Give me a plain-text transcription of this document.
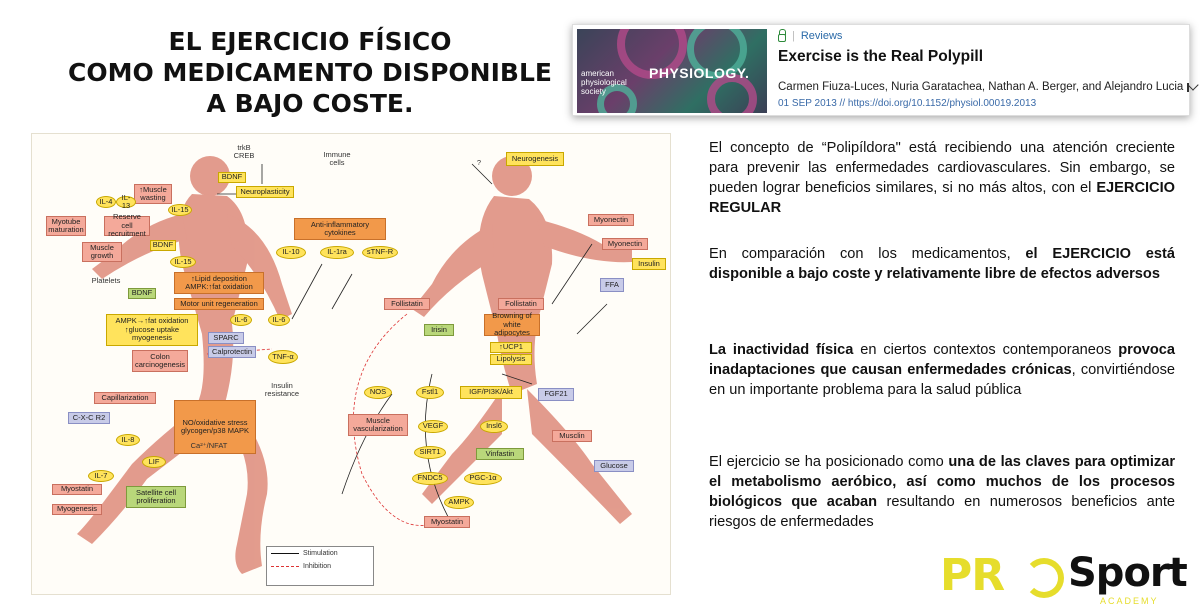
EL EJERCICIO FÍSICO
COMO MEDICAMENTO DISPONIBLE
A BAJO COSTE.
american physiological society
PHYSIOLOGY.
| Reviews
Exercise is the Real Polypill
Carmen Fiuza-Luces, Nuria Garatachea, Nathan A. Berger, and Alejandro Lucia
01 SEP 2013 // https://doi.org/10.1152/physiol.00019.2013
trkB CREB	Immune cells
BDNF
↑Muscle wasting
IL-4	IL-13	IL-15
Neuroplasticity
Myotube maturation
Reserve cell recruitment
Muscle growth
BDNF
IL-15
Anti-inflammatory cytokines
IL-10	IL-1ra	sTNF-R
Platelets	↑Lipid deposition AMPK:↑fat oxidation
BDNF
Motor unit regeneration
AMPK→↑fat oxidation ↑glucose uptake myogenesis
IL-6	IL-6
SPARC
Calprotectin
TNF-α
Colon carcinogenesis
Insulin resistance
Capillarization
C-X-C R2
NO/oxidative stress glycogen/p38 MAPK
IL-8
Ca²⁺/NFAT
LIF
IL-7
Myostatin
Myogenesis
Satellite cell proliferation
?	Neurogenesis
Myonectin
Myonectin
Insulin
Follistatin	Follistatin
FFA
Irisin
Browning of white adipocytes
↑UCP1
Lipolysis
NOS	Fstl1	IGF/PI3K/Akt	FGF21
Muscle vascularization	VEGF	Insl6
SIRT1	Vinfastin
Musclin
Glucose
FNDC5	PGC-1α
AMPK
Myostatin
Stimulation
Inhibition

El concepto de “Polipíldora" está recibiendo una atención creciente para prevenir las enfermedades cardiovasculares. Sin embargo, se pueden lograr beneficios similares, si no más altos, con el EJERCICIO REGULAR

En comparación con los medicamentos, el EJERCICIO está disponible a bajo coste y relativamente libre de efectos adversos

La inactividad física en ciertos contextos contemporaneos provoca inadaptaciones que causan enfermedades crónicas, convirtiéndose en un importante problema para la salud pública

El ejercicio se ha posicionado como una de las claves para optimizar el metabolismo aeróbico, así como muchos de los procesos biológicos que acaban resultando en numerosos beneficios ante riesgos de enfermedades

PR Sport
ACADEMY
